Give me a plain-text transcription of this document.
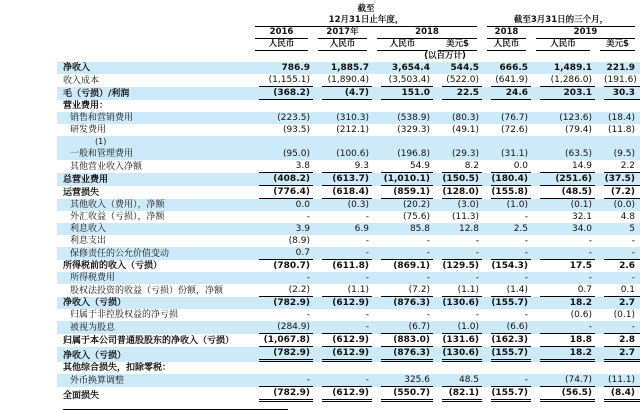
	截至						

	12月31日止年度，				截至3月31日的三个月，		

	2016	2017年	2018		2018	2019	

	人民币	人民币	人民币	美元$	人民币	人民币	美元$

	(以百万计)						

净收入	786.9	1,885.7	3,654.4	544.5	666.5	1,489.1	221.9

收入成本	(1,155.1)	(1,890.4)	(3,503.4)	(522.0)	(641.9)	(1,286.0)	(191.6)

毛（亏损）/利润	(368.2)	(4.7)	151.0	22.5	24.6	203.1	30.3

营业费用：	

销售和营销费用	(223.5)	(310.3)	(538.9)	(80.3)	(76.7)	(123.6)	(18.4)

研发费用	(93.5)	(212.1)	(329.3)	(49.1)	(72.6)	(79.4)	(11.8)

(1)
一般和管理费用	(95.0)	(100.6)	(196.8)	(29.3)	(31.1)	(63.5)	(9.5)

其他营业收入净额	3.8	9.3	54.9	8.2	0.0	14.9	2.2

总营业费用	(408.2)	(613.7)	(1,010.1)	(150.5)	(180.4)	(251.6)	(37.5)

运营损失	(776.4)	(618.4)	(859.1)	(128.0)	(155.8)	(48.5)	(7.2)

其他收入（费用），净额	0.0	(0.3)	(20.2)	(3.0)	(1.0)	(0.1)	(0.0)

外汇收益（亏损），净额	-	-	(75.6)	(11.3)	-	32.1	4.8

利息收入	3.9	6.9	85.8	12.8	2.5	34.0	5

利息支出	(8.9)	-	-	-	-	-	-

保修责任的公允价值变动	0.7	-	-	-	-	-	-

所得税前的收入（亏损）	(780.7)	(611.8)	(869.1)	(129.5)	(154.3)	17.5	2.6

所得税费用	-	-	-	-	-	-	-

股权法投资的收益（亏损）份额，净额	(2.2)	(1.1)	(7.2)	(1.1)	(1.4)	0.7	0.1

净收入（亏损）	(782.9)	(612.9)	(876.3)	(130.6)	(155.7)	18.2	2.7

归属于非控股权益的净亏损	-	-	-	-	-	(0.6)	(0.1)

被视为股息	(284.9)	-	(6.7)	(1.0)	(6.6)	-	-

归属于本公司普通股股东的净收入（亏损）	(1,067.8)	(612.9)	(883.0)	(131.6)	(162.3)	18.8	2.8

净收入（亏损）	(782.9)	(612.9)	(876.3)	(130.6)	(155.7)	18.2	2.7

其他综合损失，扣除零税：	

外币换算调整	-	-	325.6	48.5	-	(74.7)	(11.1)

全面损失	(782.9)	(612.9)	(550.7)	(82.1)	(155.7)	(56.5)	(8.4)
